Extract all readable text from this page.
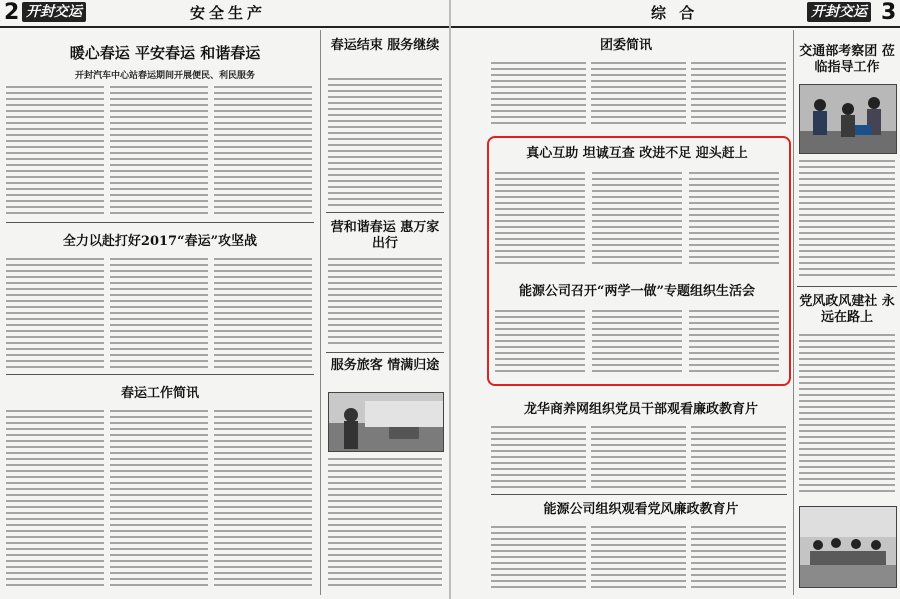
2 开封交运	安全生产
暖心春运 平安春运 和谐春运
开封汽车中心站春运期间开展便民、利民服务
全力以赴打好2017“春运”攻坚战
春运工作简讯
春运结束 服务继续
营和谐春运 惠万家出行
服务旅客 情满归途
综 合	开封交运 3
团委简讯
真心互助 坦诚互查 改进不足 迎头赶上
能源公司召开“两学一做”专题组织生活会
龙华商养网组织党员干部观看廉政教育片
能源公司组织观看党风廉政教育片
交通部考察团 莅临指导工作
党风政风建社 永远在路上
